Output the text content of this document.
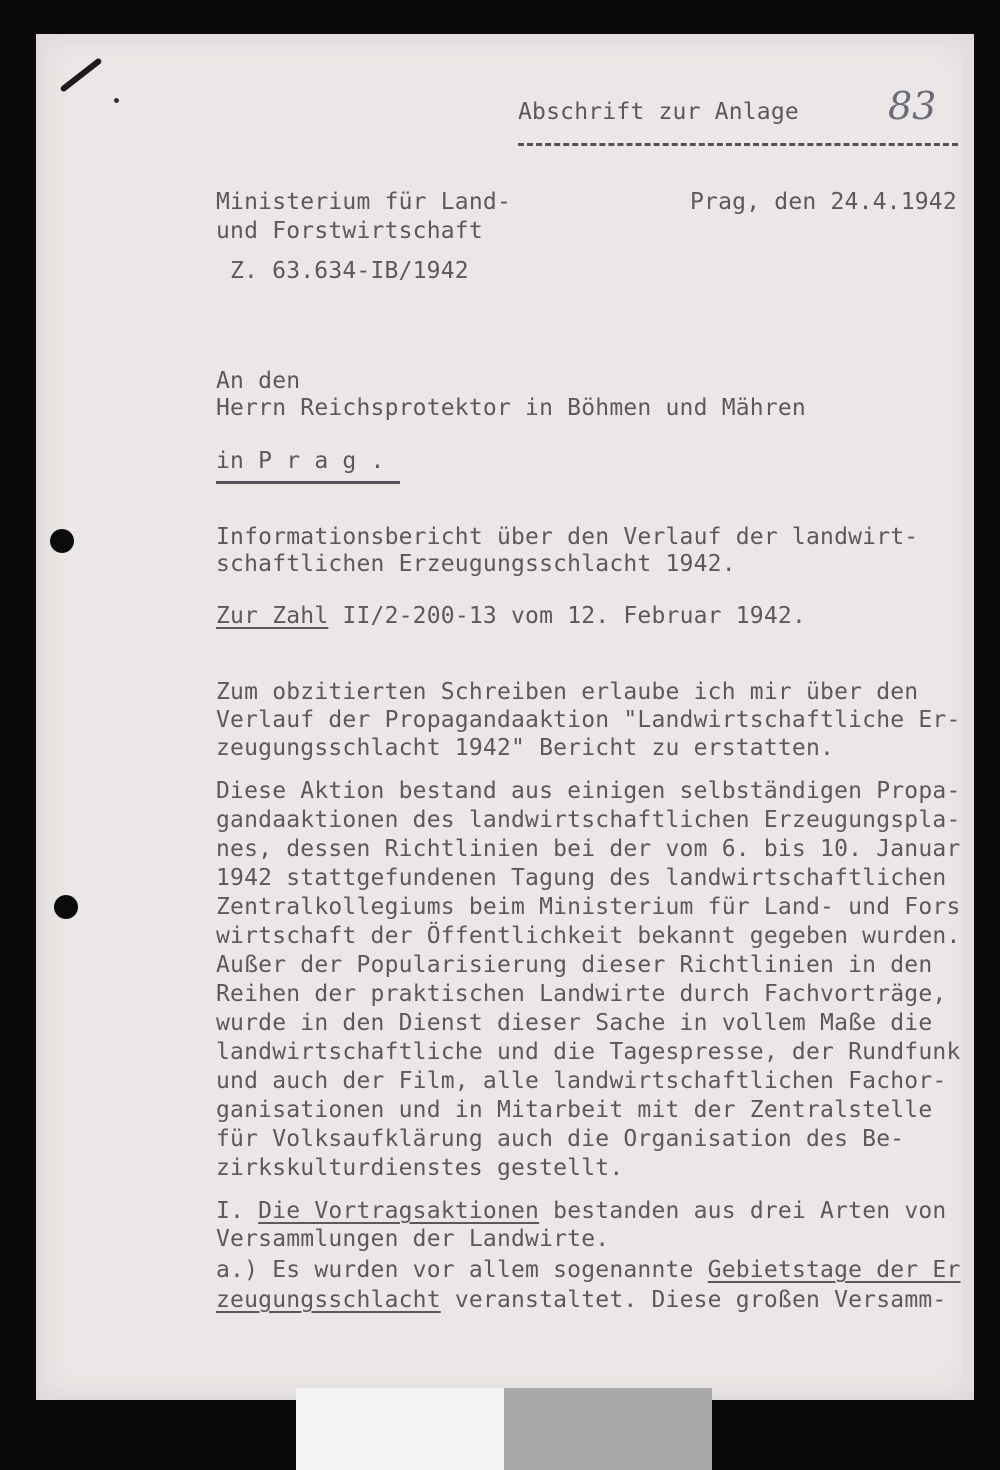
Abschrift zur Anlage 83
Ministerium für Land-
und Forstwirtschaft
Z. 63.634-IB/1942
Prag, den 24.4.1942
An den
Herrn Reichsprotektor in Böhmen und Mähren
in P r a g .
Informationsbericht über den Verlauf der landwirt-
schaftlichen Erzeugungsschlacht 1942.
Zur Zahl II/2-200-13 vom 12. Februar 1942.
Zum obzitierten Schreiben erlaube ich mir über den
Verlauf der Propagandaaktion "Landwirtschaftliche Er-
zeugungsschlacht 1942" Bericht zu erstatten.
Diese Aktion bestand aus einigen selbständigen Propa-
gandaaktionen des landwirtschaftlichen Erzeugungspla-
nes, dessen Richtlinien bei der vom 6. bis 10. Januar
1942 stattgefundenen Tagung des landwirtschaftlichen
Zentralkollegiums beim Ministerium für Land- und Fors
wirtschaft der Öffentlichkeit bekannt gegeben wurden.
Außer der Popularisierung dieser Richtlinien in den
Reihen der praktischen Landwirte durch Fachvorträge,
wurde in den Dienst dieser Sache in vollem Maße die
landwirtschaftliche und die Tagespresse, der Rundfunk
und auch der Film, alle landwirtschaftlichen Fachor-
ganisationen und in Mitarbeit mit der Zentralstelle
für Volksaufklärung auch die Organisation des Be-
zirkskulturdienstes gestellt.
I. Die Vortragsaktionen bestanden aus drei Arten von
Versammlungen der Landwirte.
a.) Es wurden vor allem sogenannte Gebietstage der Er
zeugungsschlacht veranstaltet. Diese großen Versamm-
